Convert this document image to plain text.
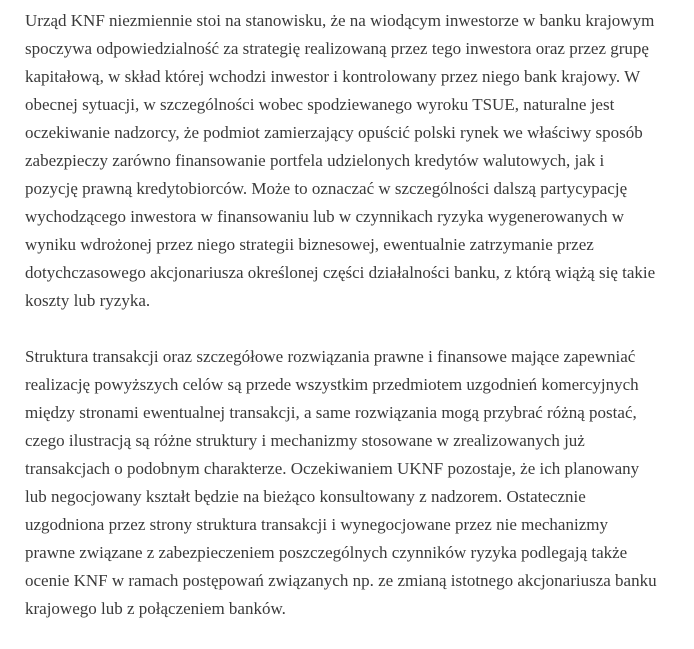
Urząd KNF niezmiennie stoi na stanowisku, że na wiodącym inwestorze w banku krajowym
spoczywa odpowiedzialność za strategię realizowaną przez tego inwestora oraz przez grupę
kapitałową, w skład której wchodzi inwestor i kontrolowany przez niego bank krajowy. W
obecnej sytuacji, w szczególności wobec spodziewanego wyroku TSUE, naturalne jest
oczekiwanie nadzorcy, że podmiot zamierzający opuścić polski rynek we właściwy sposób
zabezpieczy zarówno finansowanie portfela udzielonych kredytów walutowych, jak i
pozycję prawną kredytobiorców. Może to oznaczać w szczególności dalszą partycypację
wychodzącego inwestora w finansowaniu lub w czynnikach ryzyka wygenerowanych w
wyniku wdrożonej przez niego strategii biznesowej, ewentualnie zatrzymanie przez
dotychczasowego akcjonariusza określonej części działalności banku, z którą wiążą się takie
koszty lub ryzyka.

Struktura transakcji oraz szczegółowe rozwiązania prawne i finansowe mające zapewniać
realizację powyższych celów są przede wszystkim przedmiotem uzgodnień komercyjnych
między stronami ewentualnej transakcji, a same rozwiązania mogą przybrać różną postać,
czego ilustracją są różne struktury i mechanizmy stosowane w zrealizowanych już
transakcjach o podobnym charakterze. Oczekiwaniem UKNF pozostaje, że ich planowany
lub negocjowany kształt będzie na bieżąco konsultowany z nadzorem. Ostatecznie
uzgodniona przez strony struktura transakcji i wynegocjowane przez nie mechanizmy
prawne związane z zabezpieczeniem poszczególnych czynników ryzyka podlegają także
ocenie KNF w ramach postępowań związanych np. ze zmianą istotnego akcjonariusza banku
krajowego lub z połączeniem banków.
